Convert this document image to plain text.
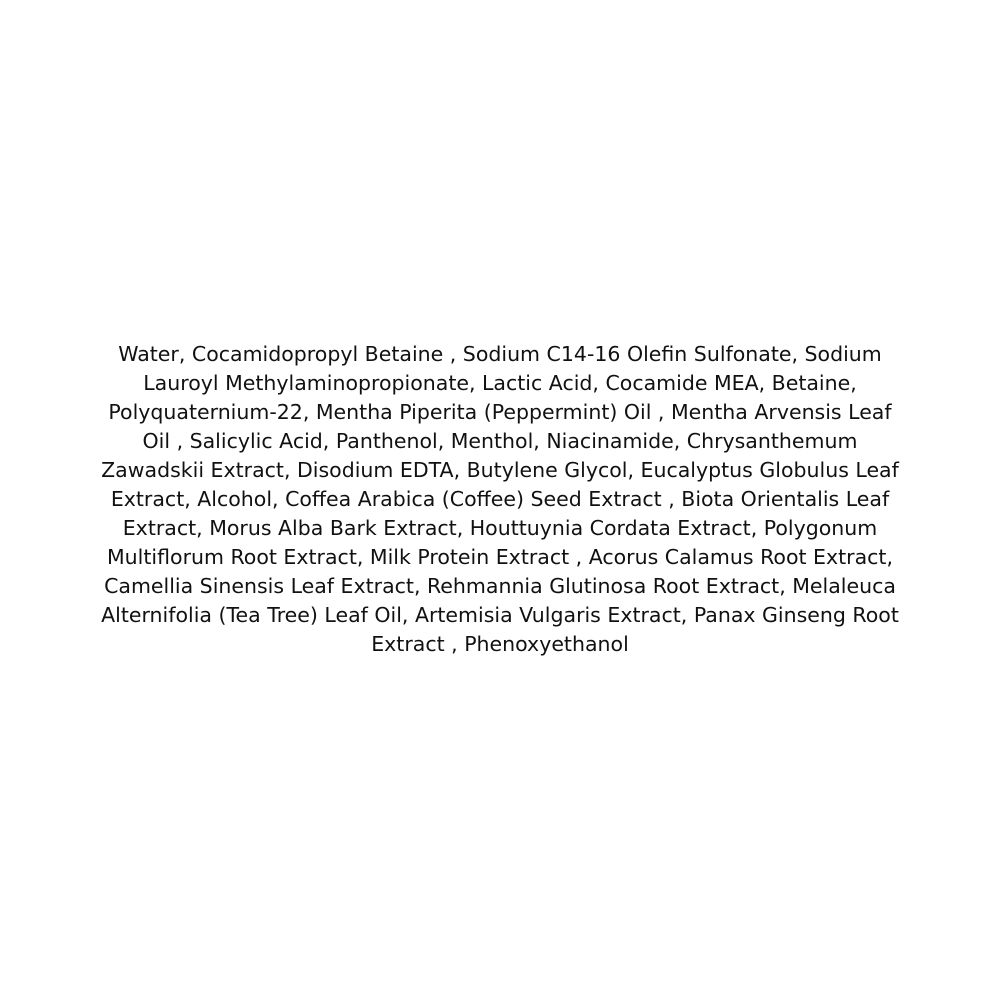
Water, Cocamidopropyl Betaine , Sodium C14-16 Olefin Sulfonate, Sodium
Lauroyl Methylaminopropionate, Lactic Acid, Cocamide MEA, Betaine,
Polyquaternium-22, Mentha Piperita (Peppermint) Oil , Mentha Arvensis Leaf
Oil , Salicylic Acid, Panthenol, Menthol, Niacinamide, Chrysanthemum
Zawadskii Extract, Disodium EDTA, Butylene Glycol, Eucalyptus Globulus Leaf
Extract, Alcohol, Coffea Arabica (Coffee) Seed Extract , Biota Orientalis Leaf
Extract, Morus Alba Bark Extract, Houttuynia Cordata Extract, Polygonum
Multiflorum Root Extract, Milk Protein Extract , Acorus Calamus Root Extract,
Camellia Sinensis Leaf Extract, Rehmannia Glutinosa Root Extract, Melaleuca
Alternifolia (Tea Tree) Leaf Oil, Artemisia Vulgaris Extract, Panax Ginseng Root
Extract , Phenoxyethanol
